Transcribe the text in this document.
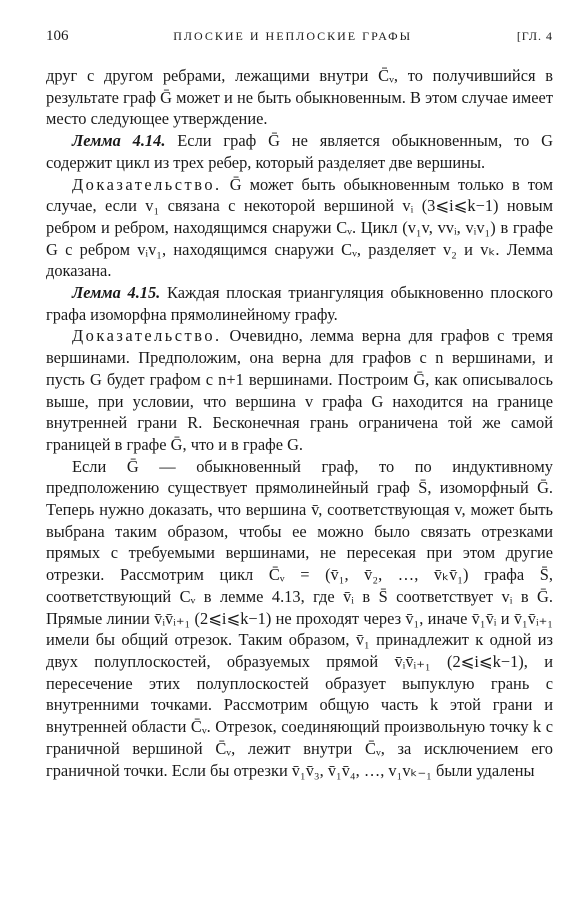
106	ПЛОСКИЕ И НЕПЛОСКИЕ ГРАФЫ	[ГЛ. 4

друг с другом ребрами, лежащими внутри C̄ᵥ, то получившийся в результате граф Ḡ может и не быть обыкновенным. В этом случае имеет место следующее утверждение.

Лемма 4.14. Если граф Ḡ не является обыкновенным, то G содержит цикл из трех ребер, который разделяет две вершины.

Доказательство. Ḡ может быть обыкновенным только в том случае, если v₁ связана с некоторой вершиной vᵢ (3⩽i⩽k−1) новым ребром и ребром, находящимся снаружи Cᵥ. Цикл (v₁v, vvᵢ, vᵢv₁) в графе G с ребром vᵢv₁, находящимся снаружи Cᵥ, разделяет v₂ и vₖ. Лемма доказана.

Лемма 4.15. Каждая плоская триангуляция обыкновенно плоского графа изоморфна прямолинейному графу.

Доказательство. Очевидно, лемма верна для графов с тремя вершинами. Предположим, она верна для графов с n вершинами, и пусть G будет графом с n+1 вершинами. Построим Ḡ, как описывалось выше, при условии, что вершина v графа G находится на границе внутренней грани R. Бесконечная грань ограничена той же самой границей в графе Ḡ, что и в графе G.

Если Ḡ — обыкновенный граф, то по индуктивному предположению существует прямолинейный граф S̄, изоморфный Ḡ. Теперь нужно доказать, что вершина v̄, соответствующая v, может быть выбрана таким образом, чтобы ее можно было связать отрезками прямых с требуемыми вершинами, не пересекая при этом другие отрезки. Рассмотрим цикл C̄ᵥ = (v̄₁, v̄₂, …, v̄ₖv̄₁) графа S̄, соответствующий Cᵥ в лемме 4.13, где v̄ᵢ в S̄ соответствует vᵢ в Ḡ. Прямые линии v̄ᵢv̄ᵢ₊₁ (2⩽i⩽k−1) не проходят через v̄₁, иначе v̄₁v̄ᵢ и v̄₁v̄ᵢ₊₁ имели бы общий отрезок. Таким образом, v̄₁ принадлежит к одной из двух полуплоскостей, образуемых прямой v̄ᵢv̄ᵢ₊₁ (2⩽i⩽k−1), и пересечение этих полуплоскостей образует выпуклую грань с внутренними точками. Рассмотрим общую часть k этой грани и внутренней области C̄ᵥ. Отрезок, соединяющий произвольную точку k с граничной вершиной C̄ᵥ, лежит внутри C̄ᵥ, за исключением его граничной точки. Если бы отрезки v̄₁v̄₃, v̄₁v̄₄, …, v₁vₖ₋₁ были удалены
